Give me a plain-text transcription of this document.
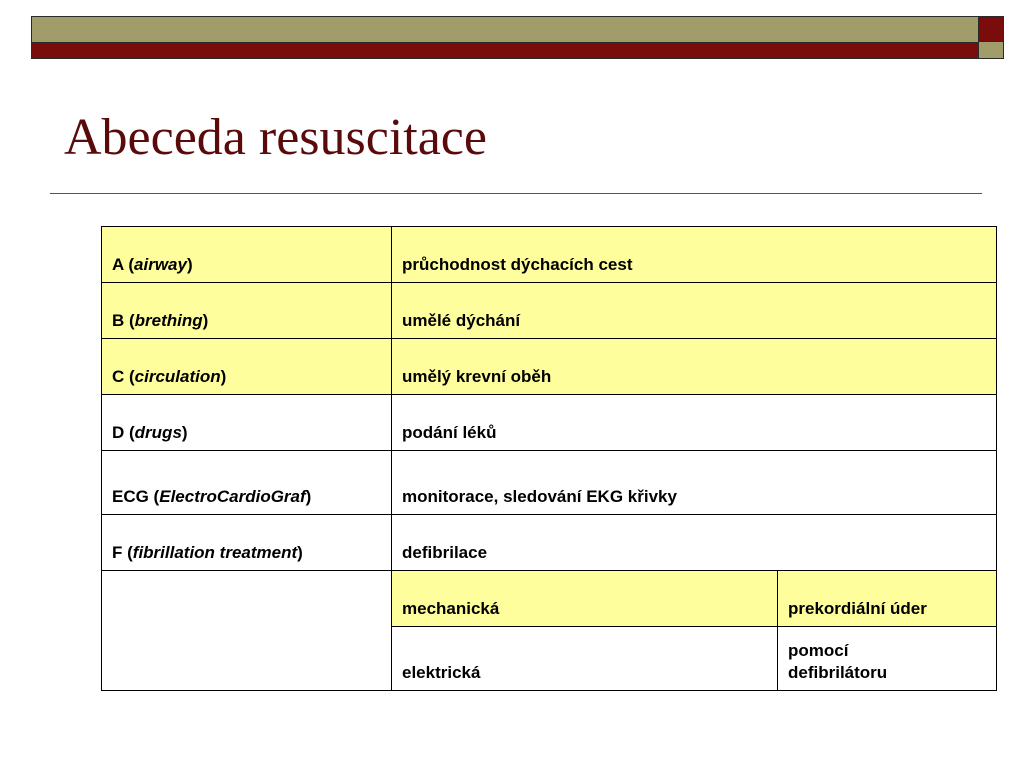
Abeceda resuscitace
A (airway)	průchodnost dýchacích cest	
B (brething)	umělé dýchání	
C (circulation)	umělý krevní oběh	
D (drugs)	podání léků	
ECG (ElectroCardioGraf)	monitorace, sledování EKG křivky	

F (fibrillation treatment)	defibrilace	
	mechanická	prekordiální úder
	elektrická	pomocí defibrilátoru
